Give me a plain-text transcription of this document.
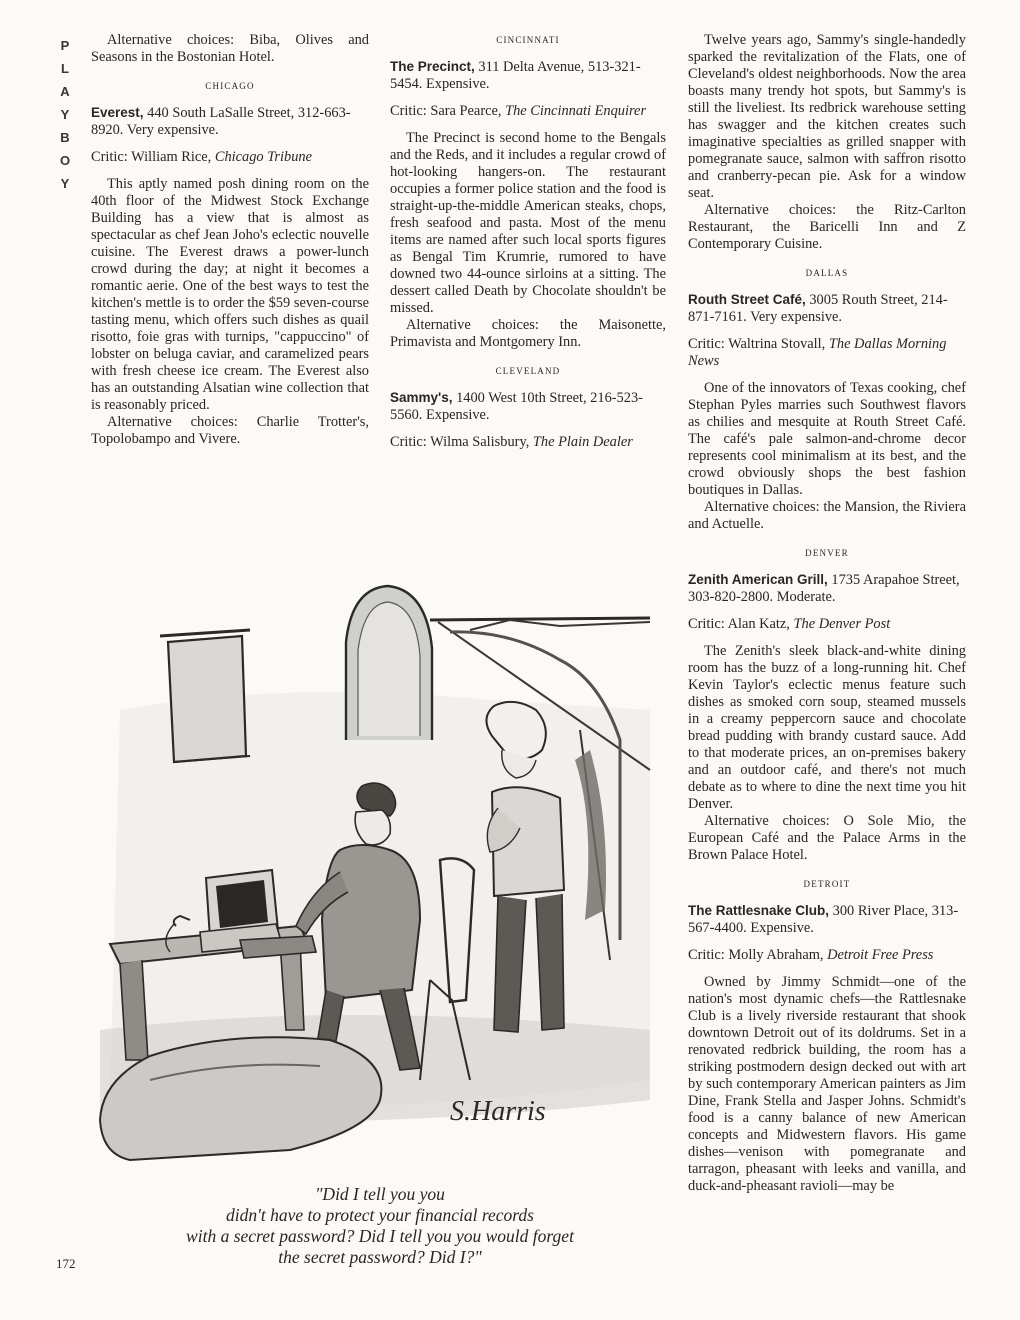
P
L
A
Y
B
O
Y

Alternative choices: Biba, Olives and Seasons in the Bostonian Hotel.

CHICAGO

Everest, 440 South LaSalle Street, 312-663-8920. Very expensive.

Critic: William Rice, Chicago Tribune

This aptly named posh dining room on the 40th floor of the Midwest Stock Exchange Building has a view that is almost as spectacular as chef Jean Joho's eclectic nouvelle cuisine. The Everest draws a power-lunch crowd during the day; at night it becomes a romantic aerie. One of the best ways to test the kitchen's mettle is to order the $59 seven-course tasting menu, which offers such dishes as quail risotto, foie gras with turnips, "cappuccino" of lobster on beluga caviar, and caramelized pears with fresh cheese ice cream. The Everest also has an outstanding Alsatian wine collection that is reasonably priced.

Alternative choices: Charlie Trotter's, Topolobampo and Vivere.

CINCINNATI

The Precinct, 311 Delta Avenue, 513-321-5454. Expensive.

Critic: Sara Pearce, The Cincinnati Enquirer

The Precinct is second home to the Bengals and the Reds, and it includes a regular crowd of hot-looking hangers-on. The restaurant occupies a former police station and the food is straight-up-the-middle American steaks, chops, fresh seafood and pasta. Most of the menu items are named after such local sports figures as Bengal Tim Krumrie, rumored to have downed two 44-ounce sirloins at a sitting. The dessert called Death by Chocolate shouldn't be missed.

Alternative choices: the Maisonette, Primavista and Montgomery Inn.

CLEVELAND

Sammy's, 1400 West 10th Street, 216-523-5560. Expensive.

Critic: Wilma Salisbury, The Plain Dealer

Twelve years ago, Sammy's single-handedly sparked the revitalization of the Flats, one of Cleveland's oldest neighborhoods. Now the area boasts many trendy hot spots, but Sammy's is still the liveliest. Its redbrick warehouse setting has swagger and the kitchen creates such imaginative specialties as grilled snapper with pomegranate sauce, salmon with saffron risotto and cranberry-pecan pie. Ask for a window seat.

Alternative choices: the Ritz-Carlton Restaurant, the Baricelli Inn and Z Contemporary Cuisine.

DALLAS

Routh Street Café, 3005 Routh Street, 214-871-7161. Very expensive.

Critic: Waltrina Stovall, The Dallas Morning News

One of the innovators of Texas cooking, chef Stephan Pyles marries such Southwest flavors as chilies and mesquite at Routh Street Café. The café's pale salmon-and-chrome decor represents cool minimalism at its best, and the crowd obviously shops the best fashion boutiques in Dallas.

Alternative choices: the Mansion, the Riviera and Actuelle.

DENVER

Zenith American Grill, 1735 Arapahoe Street, 303-820-2800. Moderate.

Critic: Alan Katz, The Denver Post

The Zenith's sleek black-and-white dining room has the buzz of a long-running hit. Chef Kevin Taylor's eclectic menus feature such dishes as smoked corn soup, steamed mussels in a creamy peppercorn sauce and chocolate bread pudding with brandy custard sauce. Add to that moderate prices, an on-premises bakery and an outdoor café, and there's not much debate as to where to dine the next time you hit Denver.

Alternative choices: O Sole Mio, the European Café and the Palace Arms in the Brown Palace Hotel.

DETROIT

The Rattlesnake Club, 300 River Place, 313-567-4400. Expensive.

Critic: Molly Abraham, Detroit Free Press

Owned by Jimmy Schmidt—one of the nation's most dynamic chefs—the Rattlesnake Club is a lively riverside restaurant that shook downtown Detroit out of its doldrums. Set in a renovated redbrick building, the room has a striking postmodern design decked out with art by such contemporary American painters as Jim Dine, Frank Stella and Jasper Johns. Schmidt's food is a canny balance of new American concepts and Midwestern flavors. His game dishes—venison with pomegranate and tarragon, pheasant with leeks and vanilla, and duck-and-pheasant ravioli—may be

S.Harris
"Did I tell you you
didn't have to protect your financial records
with a secret password? Did I tell you you would forget
the secret password? Did I?"
172
